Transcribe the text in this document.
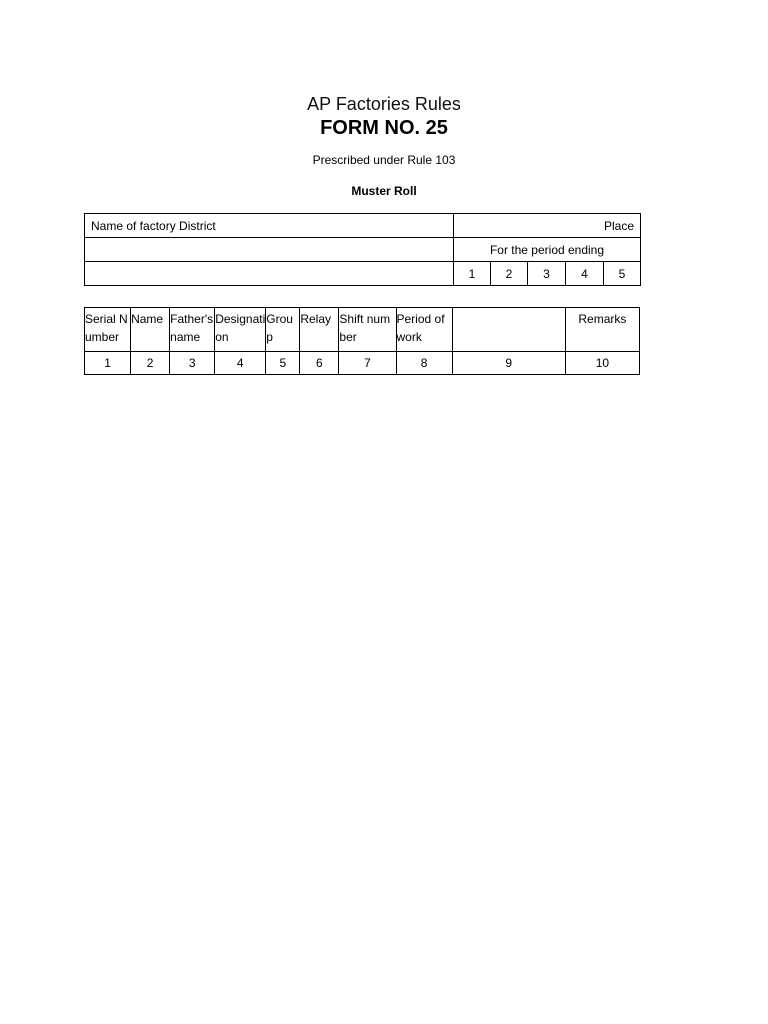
AP Factories Rules
FORM NO. 25
Prescribed under Rule 103
Muster Roll
Name of factory District	Place				
	For the period ending				
	1	2	3	4	5
Serial Number	Name	Father's name	Designation	Group	Relay	Shift number	Period of work		Remarks
1	2	3	4	5	6	7	8	9	10
